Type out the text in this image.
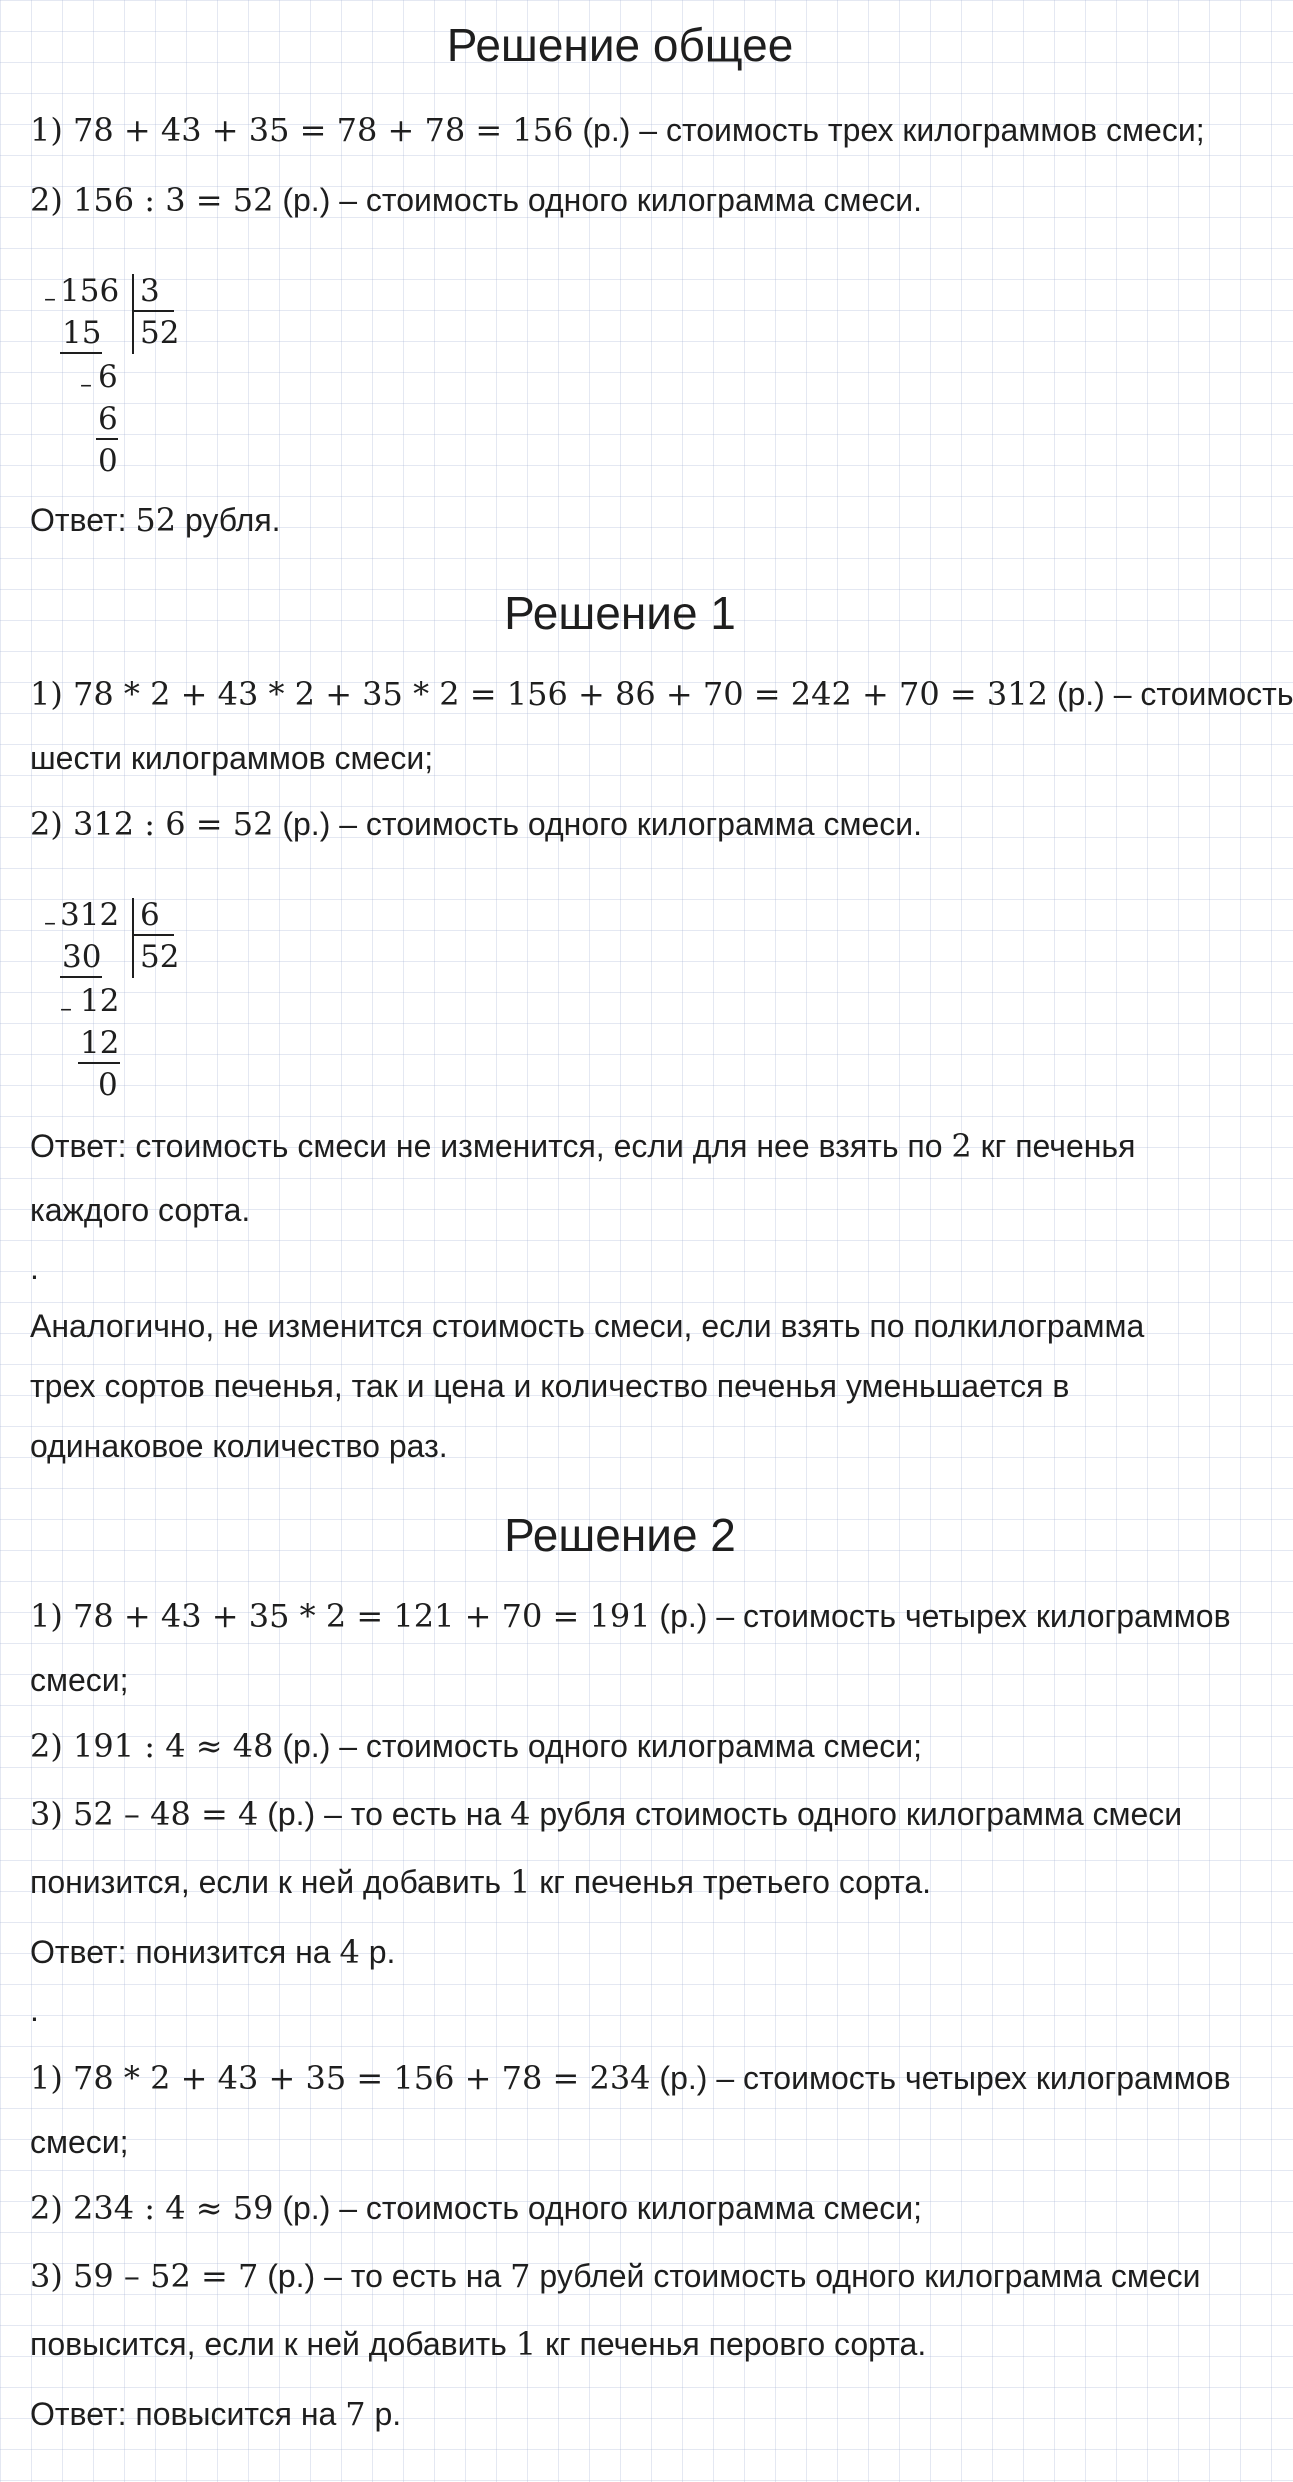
Решение общее

1) 78 + 43 + 35 = 78 + 78 = 156 (р.) – стоимость трех килограммов смеси;

2) 156 : 3 = 52 (р.) – стоимость одного килограмма смеси.

– 156 3
15 52
– 6
6
0

Ответ: 52 рубля.

Решение 1

1) 78 * 2 + 43 * 2 + 35 * 2 = 156 + 86 + 70 = 242 + 70 = 312 (р.) – стоимость

шести килограммов смеси;

2) 312 : 6 = 52 (р.) – стоимость одного килограмма смеси.

– 312 6
30 52
– 12
12
0

Ответ: стоимость смеси не изменится, если для нее взять по 2 кг печенья

каждого сорта.

.

Аналогично, не изменится стоимость смеси, если взять по полкилограмма

трех сортов печенья, так и цена и количество печенья уменьшается в

одинаковое количество раз.

Решение 2

1) 78 + 43 + 35 * 2 = 121 + 70 = 191 (р.) – стоимость четырех килограммов

смеси;

2) 191 : 4 ≈ 48 (р.) – стоимость одного килограмма смеси;

3) 52 – 48 = 4 (р.) – то есть на 4 рубля стоимость одного килограмма смеси

понизится, если к ней добавить 1 кг печенья третьего сорта.

Ответ: понизится на 4 р.

.

1) 78 * 2 + 43 + 35 = 156 + 78 = 234 (р.) – стоимость четырех килограммов

смеси;

2) 234 : 4 ≈ 59 (р.) – стоимость одного килограмма смеси;

3) 59 – 52 = 7 (р.) – то есть на 7 рублей стоимость одного килограмма смеси

повысится, если к ней добавить 1 кг печенья перовго сорта.

Ответ: повысится на 7 р.
